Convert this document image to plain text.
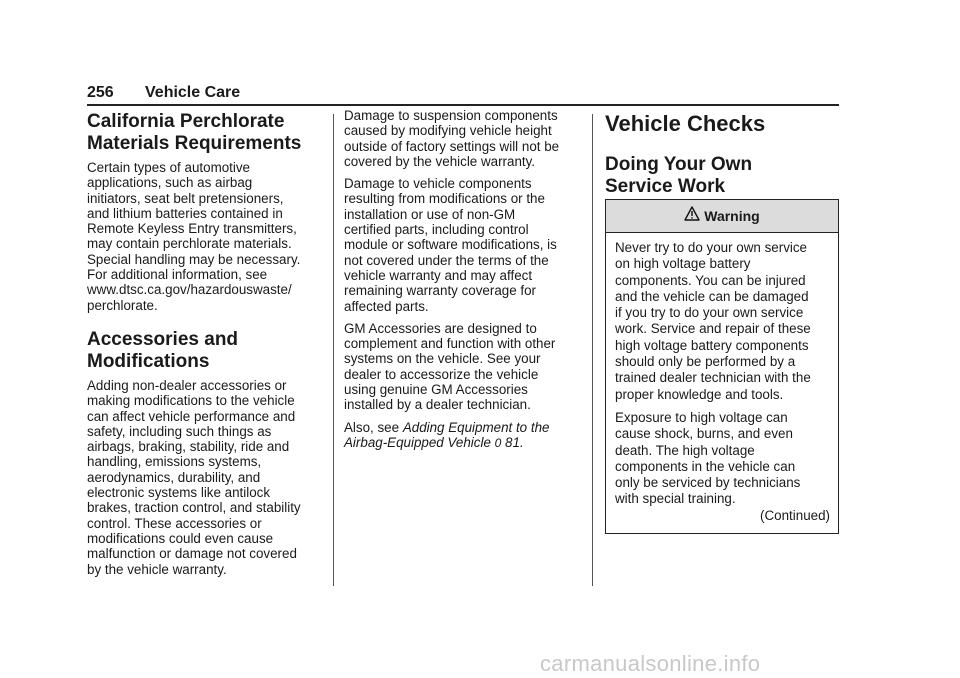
256 Vehicle Care
California Perchlorate
Materials Requirements

Certain types of automotive
applications, such as airbag
initiators, seat belt pretensioners,
and lithium batteries contained in
Remote Keyless Entry transmitters,
may contain perchlorate materials.
Special handling may be necessary.
For additional information, see
www.dtsc.ca.gov/hazardouswaste/
perchlorate.

Accessories and
Modifications

Adding non-dealer accessories or
making modifications to the vehicle
can affect vehicle performance and
safety, including such things as
airbags, braking, stability, ride and
handling, emissions systems,
aerodynamics, durability, and
electronic systems like antilock
brakes, traction control, and stability
control. These accessories or
modifications could even cause
malfunction or damage not covered
by the vehicle warranty.

Damage to suspension components
caused by modifying vehicle height
outside of factory settings will not be
covered by the vehicle warranty.

Damage to vehicle components
resulting from modifications or the
installation or use of non-GM
certified parts, including control
module or software modifications, is
not covered under the terms of the
vehicle warranty and may affect
remaining warranty coverage for
affected parts.

GM Accessories are designed to
complement and function with other
systems on the vehicle. See your
dealer to accessorize the vehicle
using genuine GM Accessories
installed by a dealer technician.

Also, see Adding Equipment to the
Airbag-Equipped Vehicle 0 81.

Vehicle Checks
Doing Your Own
Service Work
Warning

Never try to do your own service
on high voltage battery
components. You can be injured
and the vehicle can be damaged
if you try to do your own service
work. Service and repair of these
high voltage battery components
should only be performed by a
trained dealer technician with the
proper knowledge and tools.

Exposure to high voltage can
cause shock, burns, and even
death. The high voltage
components in the vehicle can
only be serviced by technicians
with special training.

(Continued)
carmanualsonline.info
